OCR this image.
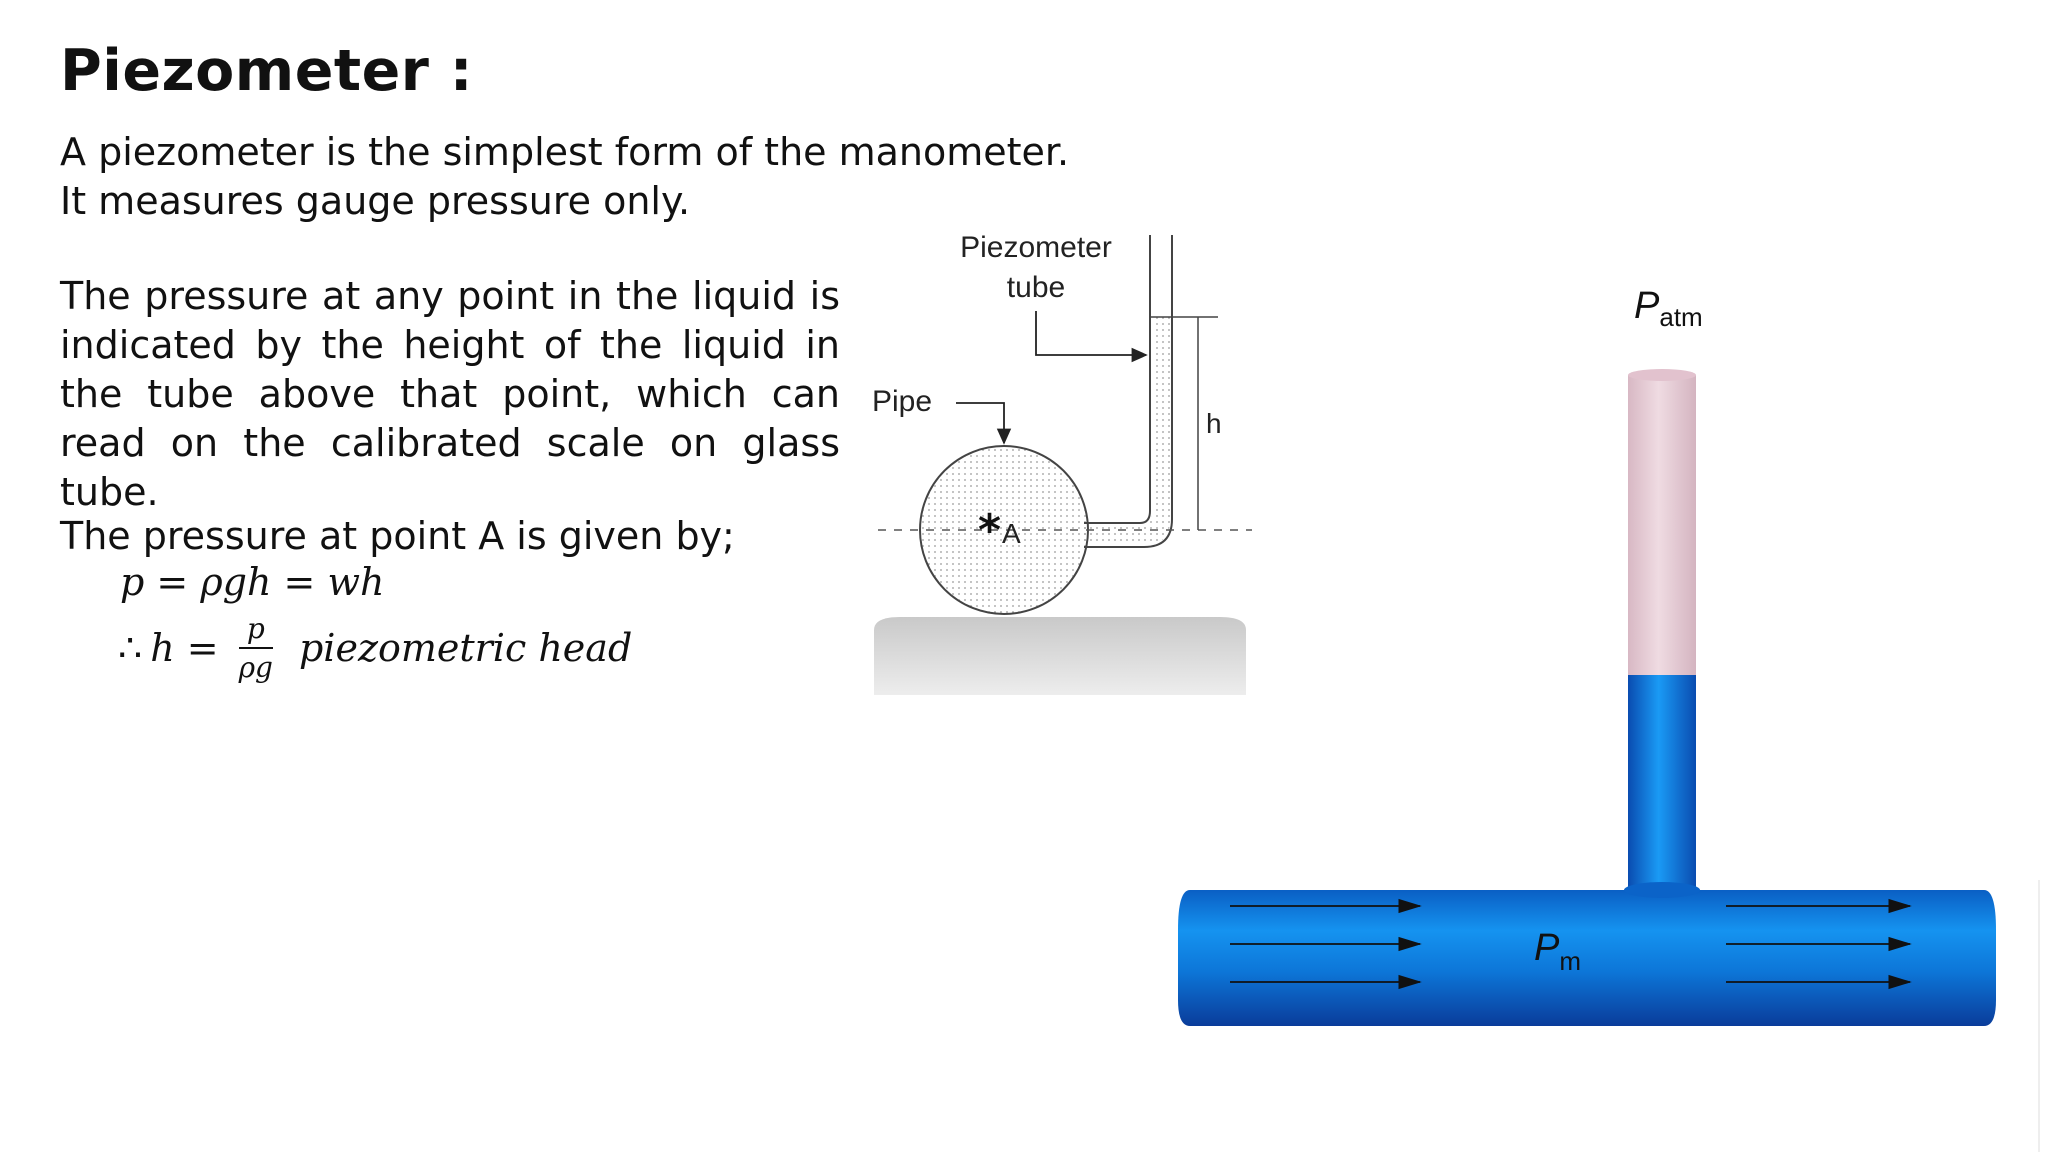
Piezometer :
A piezometer is the simplest form of the manometer. It measures gauge pressure only.
The pressure at any point in the liquid is indicated by the height of the liquid in the tube above that point, which can read on the calibrated scale on glass tube.
The pressure at point A is given by;
p = ρgh = wh
∴ $h = \frac{p}{\rho g}$ piezometric head
h
Piezometer
tube
Pipe
* A
$P_{atm}$
$P_m$
